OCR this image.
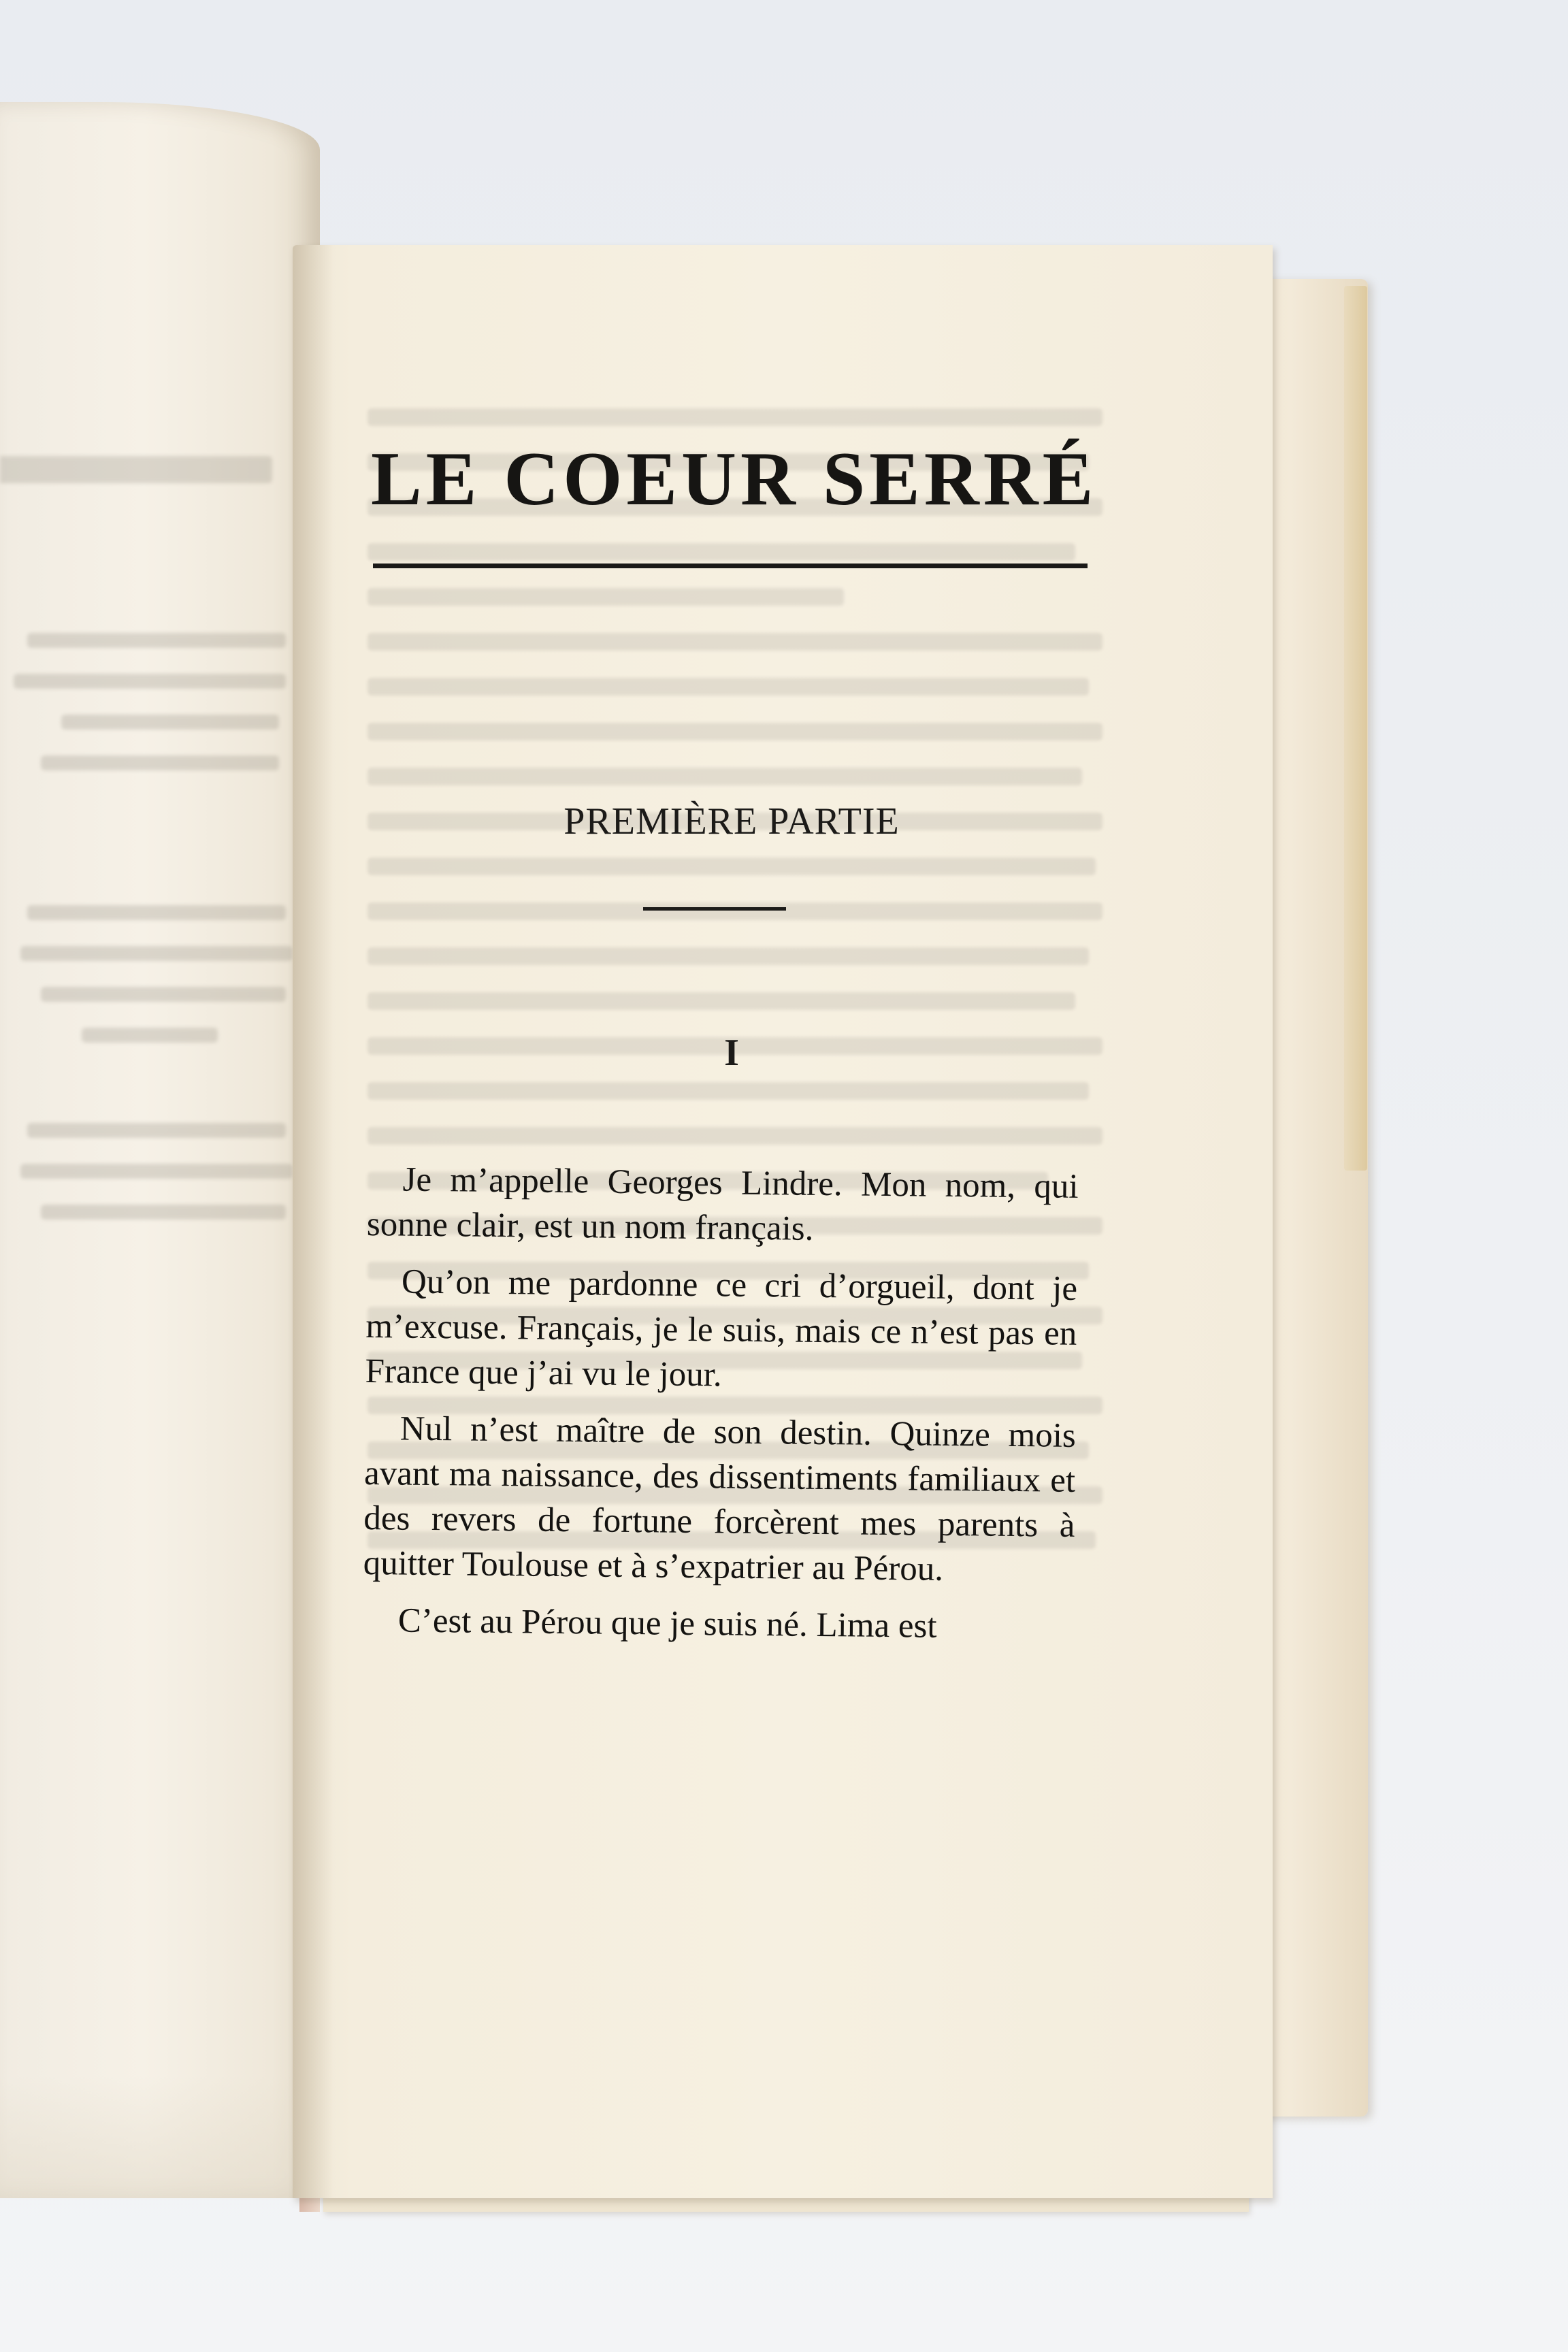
LE COEUR SERRÉ
PREMIÈRE PARTIE
I

Je m’appelle Georges Lindre. Mon nom, qui sonne clair, est un nom français.

Qu’on me pardonne ce cri d’orgueil, dont je m’excuse. Français, je le suis, mais ce n’est pas en France que j’ai vu le jour.

Nul n’est maître de son destin. Quinze mois avant ma naissance, des dissentiments familiaux et des revers de fortune forcèrent mes parents à quitter Toulouse et à s’expatrier au Pérou.

C’est au Pérou que je suis né. Lima est
